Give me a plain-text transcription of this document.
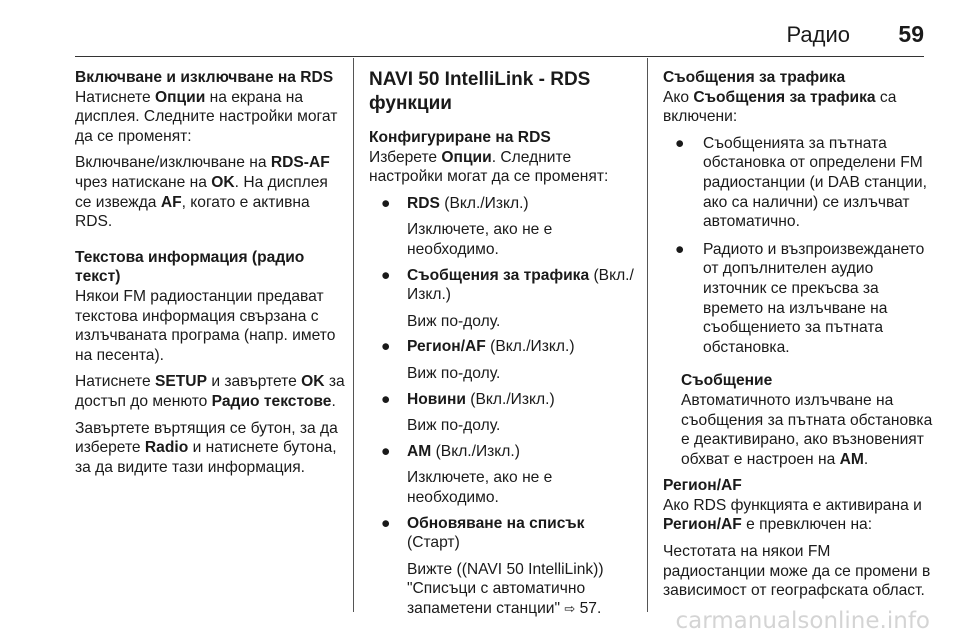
Радио 59
Включване и изключване на RDS

Натиснете Опции на екрана на дисплея. Следните настройки могат да се променят:

Включване/изключване на RDS-AF чрез натискане на OK. На дисплея се извежда AF, когато е активна RDS.

Текстова информация (радио текст)

Някои FM радиостанции предават текстова информация свързана с излъчваната програма (напр. името на песента).

Натиснете SETUP и завъртете OK за достъп до менюто Радио текстове.

Завъртете въртящия се бутон, за да изберете Radio и натиснете бутона, за да видите тази информация.

NAVI 50 IntelliLink - RDS функции
Конфигуриране на RDS

Изберете Опции. Следните настройки могат да се променят:

● RDS (Вкл./Изкл.)
Изключете, ако не е необходимо.
● Съобщения за трафика (Вкл./Изкл.)
Виж по-долу.
● Регион/AF (Вкл./Изкл.)
Виж по-долу.
● Новини (Вкл./Изкл.)
Виж по-долу.
● AM (Вкл./Изкл.)
Изключете, ако не е необходимо.
● Обновяване на списък (Старт)
Вижте ((NAVI 50 IntelliLink)) "Списъци с автоматично запаметени станции" ⇨ 57.
Съобщения за трафика

Ако Съобщения за трафика са включени:

● Съобщенията за пътната обстановка от определени FM радиостанции (и DAB станции, ако са налични) се излъчват автоматично.
● Радиото и възпроизвеждането от допълнителен аудио източник се прекъсва за времето на излъчване на съобщението за пътната обстановка.
Съобщение

Автоматичното излъчване на съобщения за пътната обстановка е деактивирано, ако възновеният обхват е настроен на AM.

Регион/AF

Ако RDS функцията е активирана и Регион/AF е превключен на:

Честотата на някои FM радиостанции може да се промени в зависимост от географската област.

carmanualsonline.info
